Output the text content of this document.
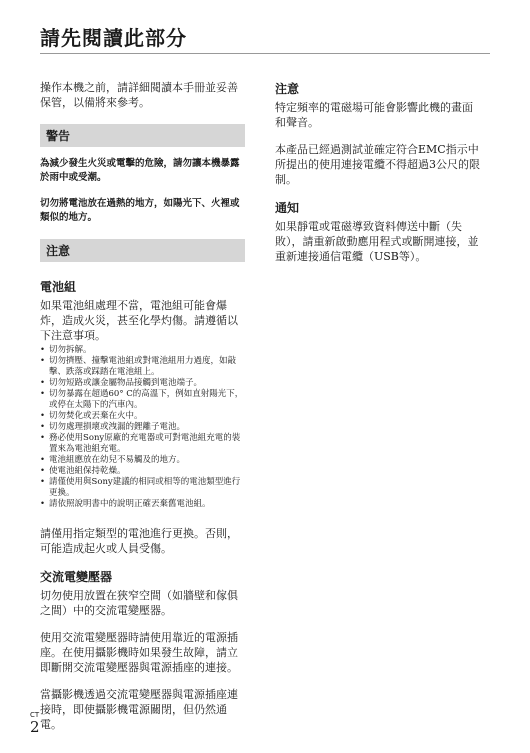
請先閱讀此部分

操作本機之前，請詳細閱讀本手冊並妥善保管，以備將來參考。

警告

為減少發生火災或電擊的危險，請勿讓本機暴露於雨中或受潮。

切勿將電池放在過熱的地方，如陽光下、火裡或類似的地方。

注意
電池組

如果電池組處理不當，電池組可能會爆炸，造成火災，甚至化學灼傷。請遵循以下注意事項。

• 切勿拆解。
• 切勿擠壓、撞擊電池組或對電池組用力過度，如敲擊、跌落或踩踏在電池組上。
• 切勿短路或讓金屬物品接觸到電池端子。
• 切勿暴露在超過60° C的高溫下，例如直射陽光下，或停在太陽下的汽車內。
• 切勿焚化或丟棄在火中。
• 切勿處理損壞或洩漏的鋰離子電池。
• 務必使用Sony原廠的充電器或可對電池組充電的裝置來為電池組充電。
• 電池組應放在幼兒不易觸及的地方。
• 使電池組保持乾燥。
• 請僅使用與Sony建議的相同或相等的電池類型進行更換。
• 請依照說明書中的說明正確丟棄舊電池組。

請僅用指定類型的電池進行更換。否則，可能造成起火或人員受傷。

交流電變壓器

切勿使用放置在狹窄空間（如牆壁和傢俱之間）中的交流電變壓器。

使用交流電變壓器時請使用靠近的電源插座。在使用攝影機時如果發生故障，請立即斷開交流電變壓器與電源插座的連接。

當攝影機透過交流電變壓器與電源插座連接時，即使攝影機電源關閉，但仍然通電。

注意

特定頻率的電磁場可能會影響此機的畫面和聲音。

本產品已經過測試並確定符合EMC指示中所提出的使用連接電纜不得超過3公尺的限制。

通知

如果靜電或電磁導致資料傳送中斷（失敗），請重新啟動應用程式或斷開連接，並重新連接通信電纜（USB等）。

CT
2
